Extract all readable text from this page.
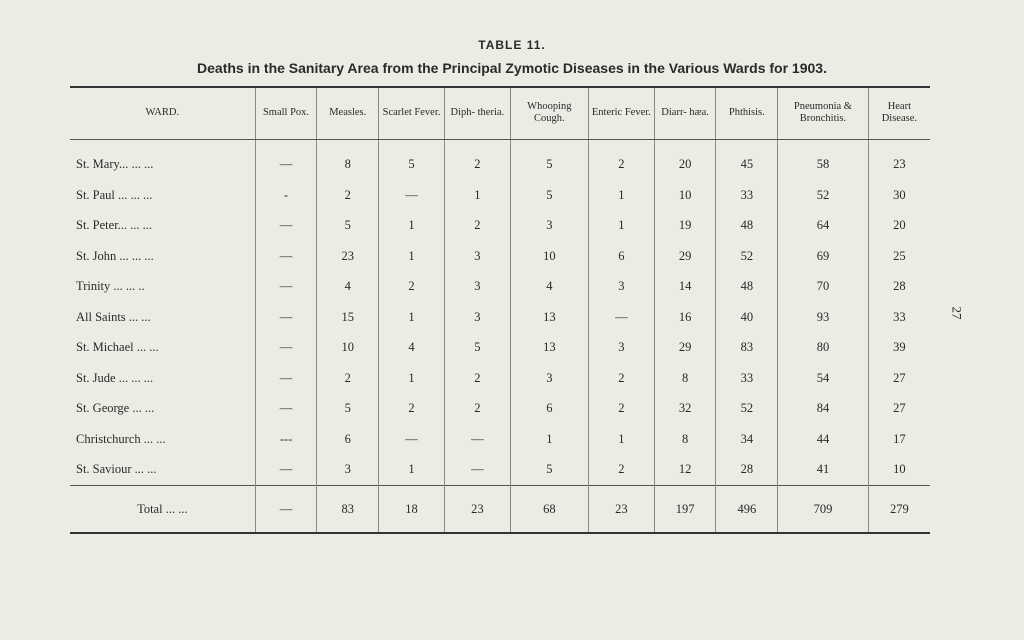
TABLE 11.
Deaths in the Sanitary Area from the Principal Zymotic Diseases in the Various Wards for 1903.
27
WARD.	Small Pox.	Measles.	Scarlet Fever.	Diph- theria.	Whooping Cough.	Enteric Fever.	Diarr- hæa.	Phthisis.	Pneumonia & Bronchitis.	Heart Disease.
St. Mary... ... ...	—	8	5	2	5	2	20	45	58	23
St. Paul ... ... ...	-	2	—	1	5	1	10	33	52	30
St. Peter... ... ...	—	5	1	2	3	1	19	48	64	20
St. John ... ... ...	—	23	1	3	10	6	29	52	69	25
Trinity ... ... ..	—	4	2	3	4	3	14	48	70	28
All Saints ... ...	—	15	1	3	13	—	16	40	93	33
St. Michael ... ...	—	10	4	5	13	3	29	83	80	39
St. Jude ... ... ...	—	2	1	2	3	2	8	33	54	27
St. George ... ...	—	5	2	2	6	2	32	52	84	27
Christchurch ... ...	---	6	—	—	1	1	8	34	44	17
St. Saviour ... ...	—	3	1	—	5	2	12	28	41	10
Total ... ...	—	83	18	23	68	23	197	496	709	279
